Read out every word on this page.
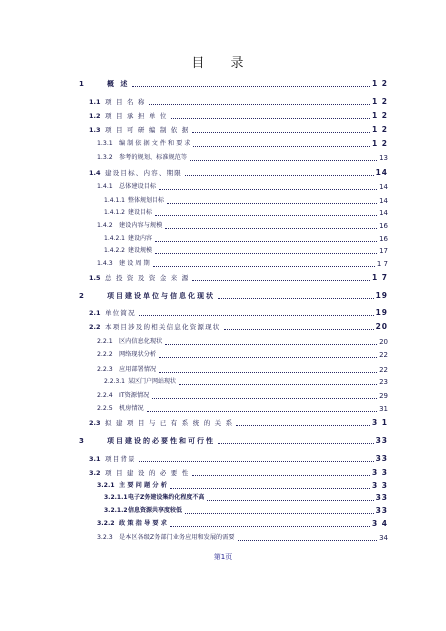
目 录
1	概 述	1 2
1.1 项 目 名 称	1 2
1.2 项 目 承 担 单 位	1 2
1.3 项 目 可 研 编 制 依 据	1 2
1.3.1	编 制 依 据 文 件 和 要 求	1 2
1.3.2	参考的规划、标准规范等	13
1.4 建设目标、内容、期限	14
1.4.1	总体建设目标	14
1.4.1.1 整体规划目标	14
1.4.1.2 建设目标	14
1.4.2	建设内容与规模	16
1.4.2.1 建设内容	16
1.4.2.2 建设规模	17
1.4.3	建 设 周 期	1 7
1.5 总 投 资 及 资 金 来 源	1 7
2	项目建设单位与信息化现状	19
2.1 单位简况	19
2.2 本项目涉及的相关信息化资源现状	20
2.2.1	区内信息化现状	20
2.2.2	网络现状分析	22
2.2.3	应用部署情况	22
2.2.3.1 某区门户网站现状	23
2.2.4	IT资源情况	29
2.2.5	机房情况	31
2.3 拟 建 项 目 与 已 有 系 统 的 关 系	3 1
3	项目建设的必要性和可行性	33
3.1 项目背景	33
3.2 项 目 建 设 的 必 要 性	3 3
3.2.1 主 要 问 题 分 析	3 3
3.2.1.1 电子Z务建设集约化程度不高	33
3.2.1.2 信息资源共享度较低	33
3.2.2 政 策 指 导 要 求	3 4
3.2.3	是本区各级Z务部门业务应用和发展的需要	34
第1页
